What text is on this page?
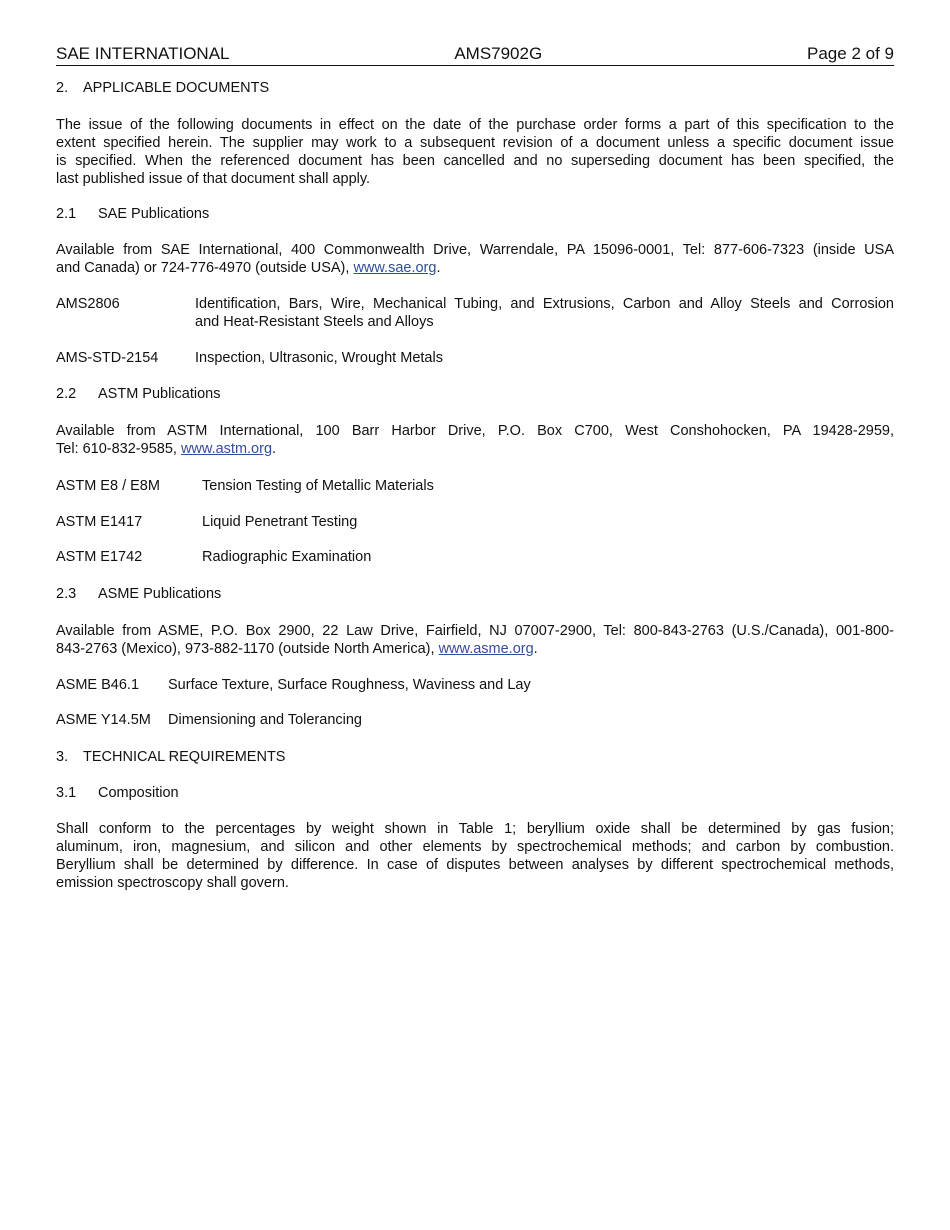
SAE INTERNATIONAL	AMS7902G	Page 2 of 9
2. APPLICABLE DOCUMENTS
The issue of the following documents in effect on the date of the purchase order forms a part of this specification to the
extent specified herein. The supplier may work to a subsequent revision of a document unless a specific document issue
is specified. When the referenced document has been cancelled and no superseding document has been specified, the
last published issue of that document shall apply.
2.1 SAE Publications
Available from SAE International, 400 Commonwealth Drive, Warrendale, PA 15096-0001, Tel: 877-606-7323 (inside USA
and Canada) or 724-776-4970 (outside USA), www.sae.org.
AMS2806	Identification, Bars, Wire, Mechanical Tubing, and Extrusions, Carbon and Alloy Steels and Corrosion
and Heat-Resistant Steels and Alloys
AMS-STD-2154	Inspection, Ultrasonic, Wrought Metals
2.2 ASTM Publications
Available from ASTM International, 100 Barr Harbor Drive, P.O. Box C700, West Conshohocken, PA 19428-2959,
Tel: 610-832-9585, www.astm.org.
ASTM E8 / E8M	Tension Testing of Metallic Materials
ASTM E1417	Liquid Penetrant Testing
ASTM E1742	Radiographic Examination
2.3 ASME Publications
Available from ASME, P.O. Box 2900, 22 Law Drive, Fairfield, NJ 07007-2900, Tel: 800-843-2763 (U.S./Canada), 001-800-
843-2763 (Mexico), 973-882-1170 (outside North America), www.asme.org.
ASME B46.1	Surface Texture, Surface Roughness, Waviness and Lay
ASME Y14.5M	Dimensioning and Tolerancing
3. TECHNICAL REQUIREMENTS
3.1 Composition
Shall conform to the percentages by weight shown in Table 1; beryllium oxide shall be determined by gas fusion;
aluminum, iron, magnesium, and silicon and other elements by spectrochemical methods; and carbon by combustion.
Beryllium shall be determined by difference. In case of disputes between analyses by different spectrochemical methods,
emission spectroscopy shall govern.
